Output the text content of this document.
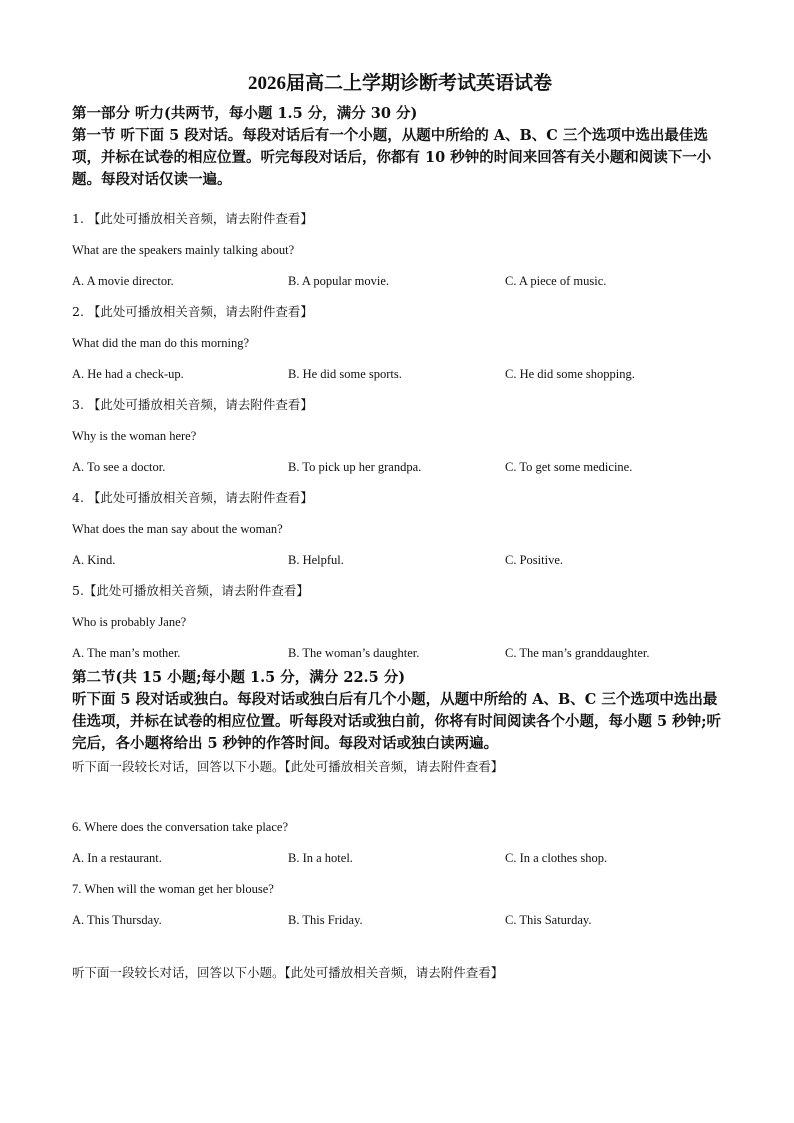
2026届高二上学期诊断考试英语试卷
第一部分 听力(共两节，每小题 1.5 分，满分 30 分)
第一节 听下面 5 段对话。每段对话后有一个小题，从题中所给的 A、B、C 三个选项中选出最佳选项，并标在试卷的相应位置。听完每段对话后，你都有 10 秒钟的时间来回答有关小题和阅读下一小题。每段对话仅读一遍。
1. 【此处可播放相关音频，请去附件查看】
What are the speakers mainly talking about?
A. A movie director.	B. A popular movie.	C. A piece of music.
2. 【此处可播放相关音频，请去附件查看】
What did the man do this morning?
A. He had a check-up.	B. He did some sports.	C. He did some shopping.
3. 【此处可播放相关音频，请去附件查看】
Why is the woman here?
A. To see a doctor.	B. To pick up her grandpa.	C. To get some medicine.
4. 【此处可播放相关音频，请去附件查看】
What does the man say about the woman?
A. Kind.	B. Helpful.	C. Positive.
5.【此处可播放相关音频，请去附件查看】
Who is probably Jane?
A. The man’s mother.	B. The woman’s daughter.	C. The man’s granddaughter.
第二节(共 15 小题;每小题 1.5 分，满分 22.5 分)
听下面 5 段对话或独白。每段对话或独白后有几个小题，从题中所给的 A、B、C 三个选项中选出最佳选项，并标在试卷的相应位置。听每段对话或独白前，你将有时间阅读各个小题，每小题 5 秒钟;听完后，各小题将给出 5 秒钟的作答时间。每段对话或独白读两遍。
听下面一段较长对话，回答以下小题。【此处可播放相关音频，请去附件查看】
6. Where does the conversation take place?
A. In a restaurant.	B. In a hotel.	C. In a clothes shop.
7. When will the woman get her blouse?
A. This Thursday.	B. This Friday.	C. This Saturday.
听下面一段较长对话，回答以下小题。【此处可播放相关音频，请去附件查看】
